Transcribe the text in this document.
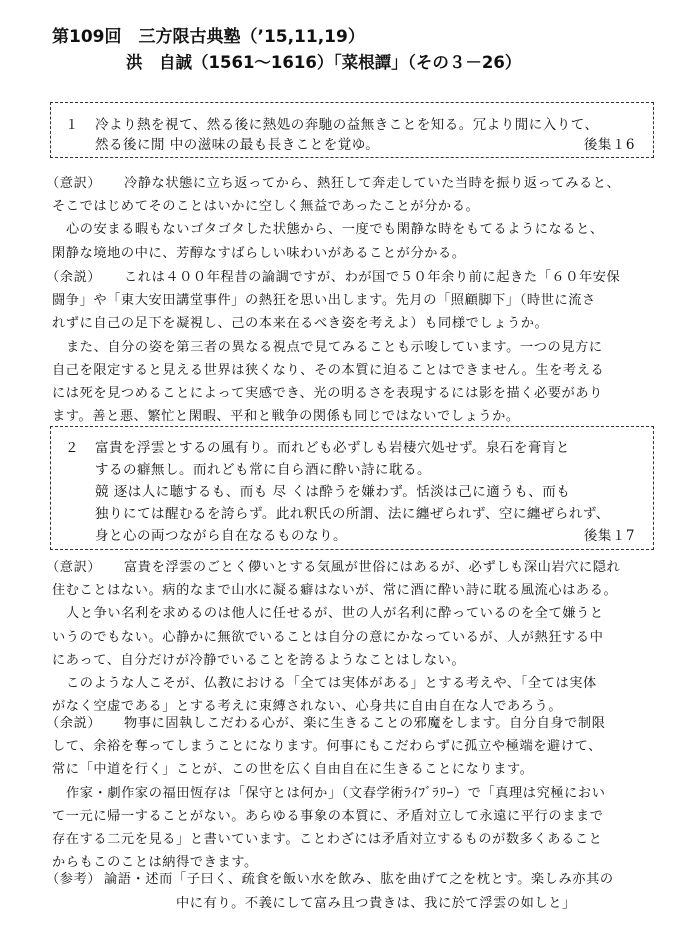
第109回　三方限古典塾（’15,11,19）
洪　自誠（1561〜1616）「菜根譚」（その３－26）
１ 冷より熱を視て、然る後に熱処の奔馳の益無きことを知る。冗より閒に入りて、
然る後に閒 中の滋味の最も長きことを覚ゆ。	後集１6

（意訳） 冷静な状態に立ち返ってから、熱狂して奔走していた当時を振り返ってみると、

そこではじめてそのことはいかに空しく無益であったことが分かる。

心の安まる暇もないゴタゴタした状態から、一度でも閑静な時をもてるようになると、

閑静な境地の中に、芳醇なすばらしい味わいがあることが分かる。

（余説） これは４００年程昔の論調ですが、わが国で５０年余り前に起きた「６０年安保

闘争」や「東大安田講堂事件」の熱狂を思い出します。先月の「照顧脚下」（時世に流さ

れずに自己の足下を凝視し、己の本来在るべき姿を考えよ）も同様でしょうか。

また、自分の姿を第三者の異なる視点で見てみることも示唆しています。一つの見方に

自己を限定すると見える世界は狭くなり、その本質に迫ることはできません。生を考える

には死を見つめることによって実感でき、光の明るさを表現するには影を描く必要があり

ます。善と悪、繁忙と閑暇、平和と戦争の関係も同じではないでしょうか。

２ 富貴を浮雲とするの風有り。而れども必ずしも岩棲穴処せず。泉石を膏肓と
するの癖無し。而れども常に自ら酒に酔い詩に耽る。
競 逐は人に聴するも、而も 尽 くは酔うを嫌わず。恬淡は己に適うも、而も
独りにては醒むるを誇らず。此れ釈氏の所謂、法に纏ぜられず、空に纏ぜられず、
身と心の両つながら自在なるものなり。	後集１7

（意訳） 富貴を浮雲のごとく儚いとする気風が世俗にはあるが、必ずしも深山岩穴に隠れ

住むことはない。病的なまで山水に凝る癖はないが、常に酒に酔い詩に耽る風流心はある。

人と争い名利を求めるのは他人に任せるが、世の人が名利に酔っているのを全て嫌うと

いうのでもない。心静かに無欲でいることは自分の意にかなっているが、人が熱狂する中

にあって、自分だけが冷静でいることを誇るようなことはしない。

このような人こそが、仏教における「全ては実体がある」とする考えや、「全ては実体

がなく空虚である」とする考えに束縛されない、心身共に自由自在な人であろう。

（余説） 物事に固執しこだわる心が、楽に生きることの邪魔をします。自分自身で制限

して、余裕を奪ってしまうことになります。何事にもこだわらずに孤立や極端を避けて、

常に「中道を行く」ことが、この世を広く自由自在に生きることになります。

作家・劇作家の福田恆存は「保守とは何か」（文春学術ﾗｲﾌﾞﾗﾘｰ）で「真理は究極におい

て一元に帰一することがない。あらゆる事象の本質に、矛盾対立して永遠に平行のままで

存在する二元を見る」と書いています。ことわざには矛盾対立するものが数多くあること

からもこのことは納得できます。

（参考） 論語・述而「子曰く、疏食を飯い水を飲み、肱を曲げて之を枕とす。楽しみ亦其の

中に有り。不義にして富み且つ貴きは、我に於て浮雲の如しと」
